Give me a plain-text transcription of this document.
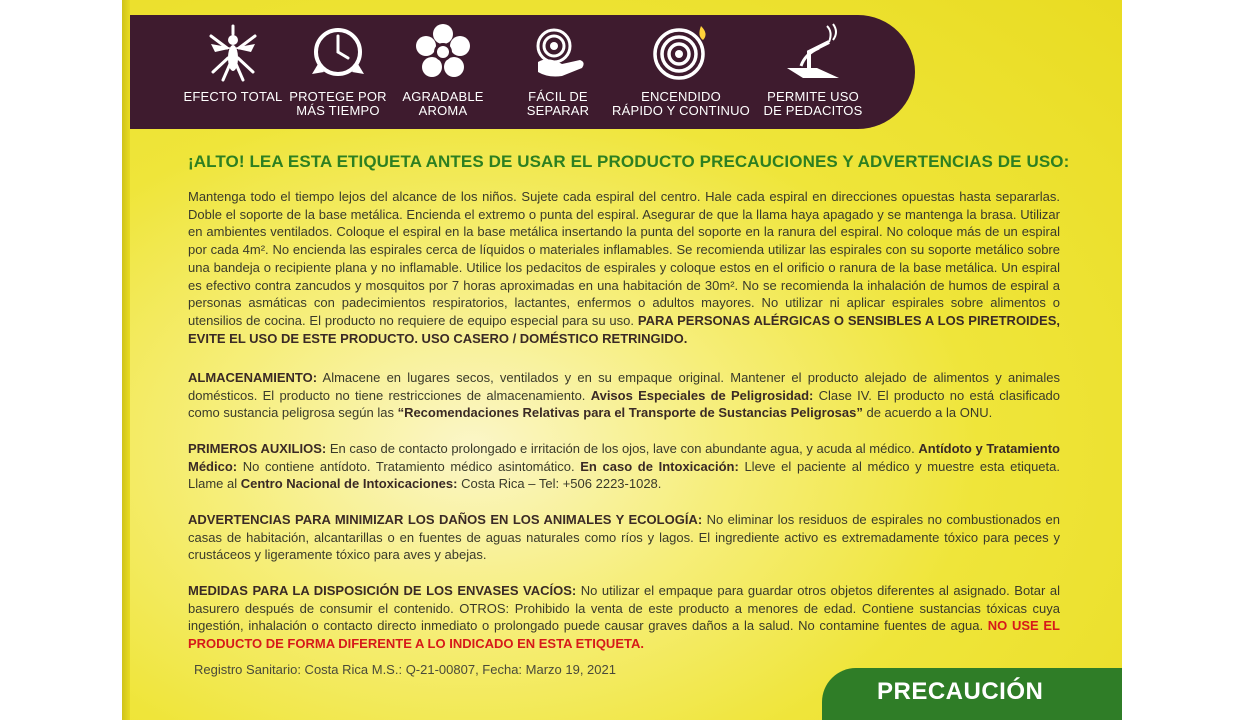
EFECTO TOTAL PROTEGE POR
MÁS TIEMPO
AGRADABLE
AROMA
FÁCIL DE
SEPARAR
ENCENDIDO
RÁPIDO Y CONTINUO
PERMITE USO
DE PEDACITOS
¡ALTO! LEA ESTA ETIQUETA ANTES DE USAR EL PRODUCTO PRECAUCIONES Y ADVERTENCIAS DE USO:
Mantenga todo el tiempo lejos del alcance de los niños. Sujete cada espiral del centro. Hale cada espiral en direcciones opuestas hasta separarlas. Doble el soporte de la base metálica. Encienda el extremo o punta del espiral. Asegurar de que la llama haya apagado y se mantenga la brasa. Utilizar en ambientes ventilados. Coloque el espiral en la base metálica insertando la punta del soporte en la ranura del espiral. No coloque más de un espiral por cada 4m². No encienda las espirales cerca de líquidos o materiales inflamables. Se recomienda utilizar las espirales con su soporte metálico sobre una bandeja o recipiente plana y no inflamable. Utilice los pedacitos de espirales y coloque estos en el orificio o ranura de la base metálica. Un espiral es efectivo contra zancudos y mosquitos por 7 horas aproximadas en una habitación de 30m². No se recomienda la inhalación de humos de espiral a personas asmáticas con padecimientos respiratorios, lactantes, enfermos o adultos mayores. No utilizar ni aplicar espirales sobre alimentos o utensilios de cocina. El producto no requiere de equipo especial para su uso. PARA PERSONAS ALÉRGICAS O SENSIBLES A LOS PIRETROIDES, EVITE EL USO DE ESTE PRODUCTO. USO CASERO / DOMÉSTICO RETRINGIDO.
ALMACENAMIENTO: Almacene en lugares secos, ventilados y en su empaque original. Mantener el producto alejado de alimentos y animales domésticos. El producto no tiene restricciones de almacenamiento. Avisos Especiales de Peligrosidad: Clase IV. El producto no está clasificado como sustancia peligrosa según las “Recomendaciones Relativas para el Transporte de Sustancias Peligrosas” de acuerdo a la ONU.
PRIMEROS AUXILIOS: En caso de contacto prolongado e irritación de los ojos, lave con abundante agua, y acuda al médico. Antídoto y Tratamiento Médico: No contiene antídoto. Tratamiento médico asintomático. En caso de Intoxicación: Lleve el paciente al médico y muestre esta etiqueta. Llame al Centro Nacional de Intoxicaciones: Costa Rica – Tel: +506 2223-1028.
ADVERTENCIAS PARA MINIMIZAR LOS DAÑOS EN LOS ANIMALES Y ECOLOGÍA: No eliminar los residuos de espirales no combustionados en casas de habitación, alcantarillas o en fuentes de aguas naturales como ríos y lagos. El ingrediente activo es extremadamente tóxico para peces y crustáceos y ligeramente tóxico para aves y abejas.
MEDIDAS PARA LA DISPOSICIÓN DE LOS ENVASES VACÍOS: No utilizar el empaque para guardar otros objetos diferentes al asignado. Botar al basurero después de consumir el contenido. OTROS: Prohibido la venta de este producto a menores de edad. Contiene sustancias tóxicas cuya ingestión, inhalación o contacto directo inmediato o prolongado puede causar graves daños a la salud. No contamine fuentes de agua. NO USE EL PRODUCTO DE FORMA DIFERENTE A LO INDICADO EN ESTA ETIQUETA.
Registro Sanitario: Costa Rica M.S.: Q-21-00807, Fecha: Marzo 19, 2021
PRECAUCIÓN
